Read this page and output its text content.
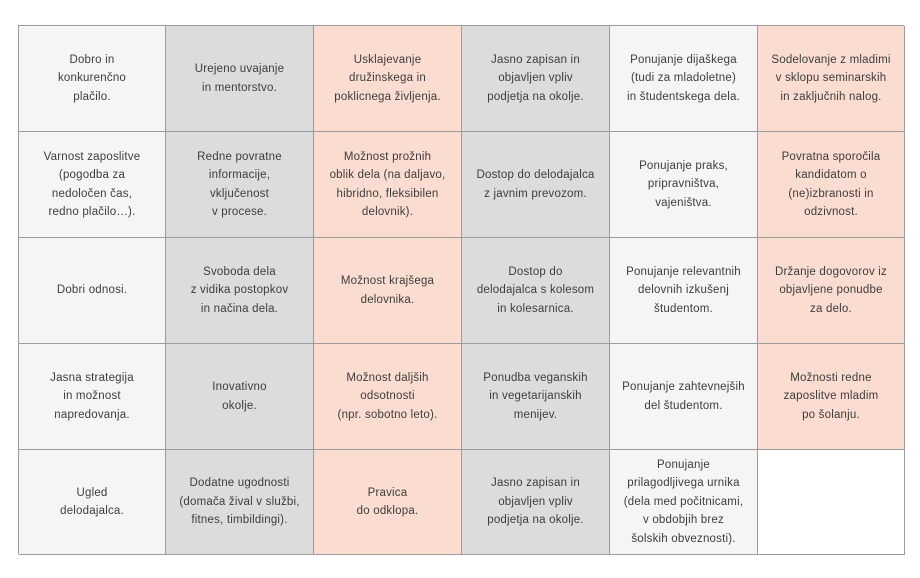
Dobro in
konkurenčno
plačilo.
Urejeno uvajanje
in mentorstvo.
Usklajevanje
družinskega in
poklicnega življenja.
Jasno zapisan in
objavljen vpliv
podjetja na okolje.
Ponujanje dijaškega
(tudi za mladoletne)
in študentskega dela.
Sodelovanje z mladimi
v sklopu seminarskih
in zaključnih nalog.
Varnost zaposlitve
(pogodba za
nedoločen čas,
redno plačilo…).
Redne povratne
informacije,
vključenost
v procese.
Možnost prožnih
oblik dela (na daljavo,
hibridno, fleksibilen
delovnik).
Dostop do delodajalca
z javnim prevozom.
Ponujanje praks,
pripravništva,
vajeništva.
Povratna sporočila
kandidatom o
(ne)izbranosti in
odzivnost.
Dobri odnosi.
Svoboda dela
z vidika postopkov
in načina dela.
Možnost krajšega
delovnika.
Dostop do
delodajalca s kolesom
in kolesarnica.
Ponujanje relevantnih
delovnih izkušenj
študentom.
Držanje dogovorov iz
objavljene ponudbe
za delo.
Jasna strategija
in možnost
napredovanja.
Inovativno
okolje.
Možnost daljših
odsotnosti
(npr. sobotno leto).
Ponudba veganskih
in vegetarijanskih
menijev.
Ponujanje zahtevnejših
del študentom.
Možnosti redne
zaposlitve mladim
po šolanju.
Ugled
delodajalca.
Dodatne ugodnosti
(domača žival v službi,
fitnes, timbildingi).
Pravica
do odklopa.
Jasno zapisan in
objavljen vpliv
podjetja na okolje.
Ponujanje
prilagodljivega urnika
(dela med počitnicami,
v obdobjih brez
šolskih obveznosti).
